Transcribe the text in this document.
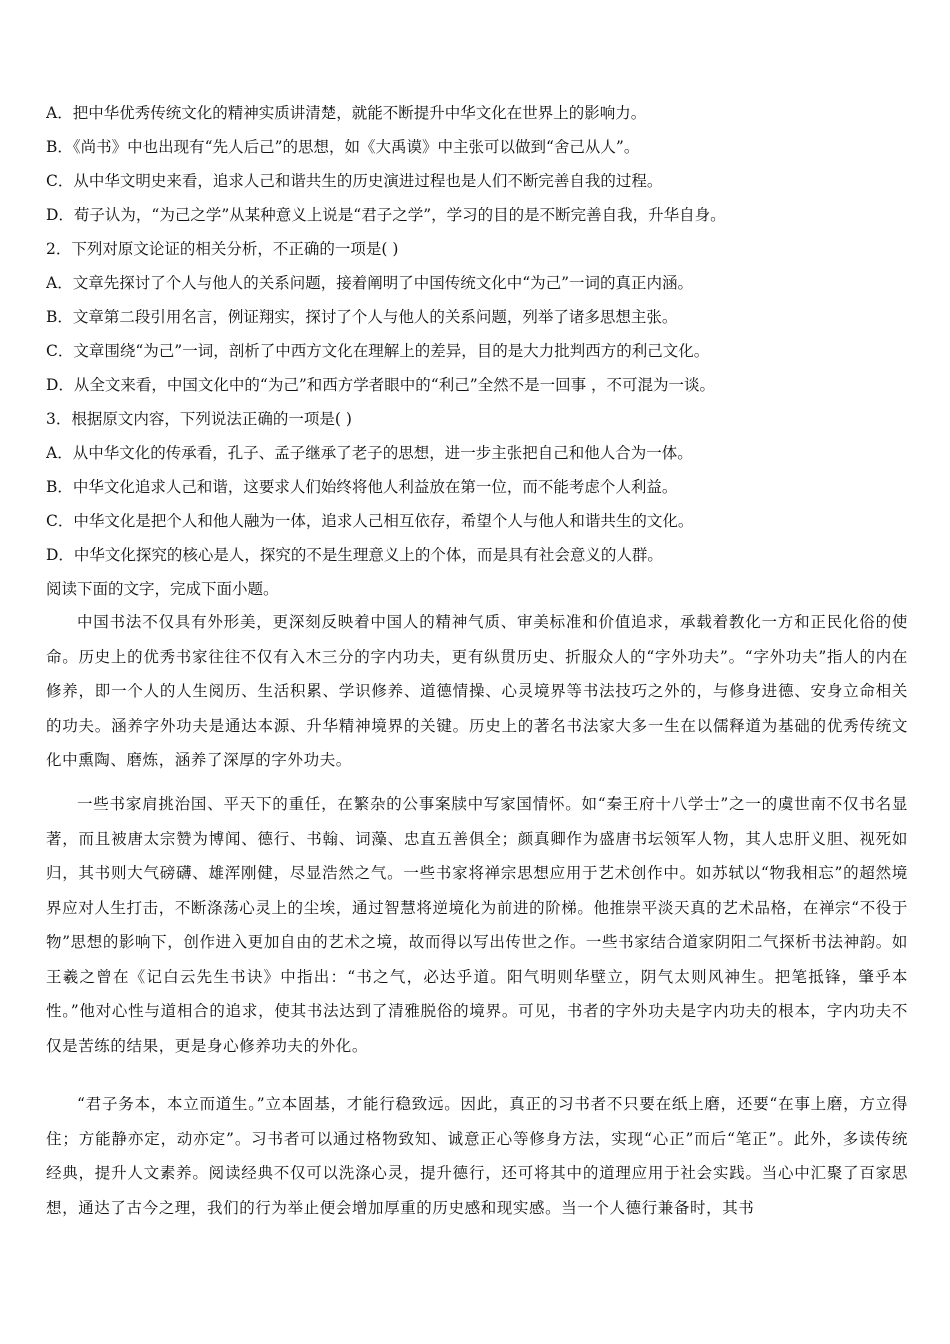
A．把中华优秀传统文化的精神实质讲清楚，就能不断提升中华文化在世界上的影响力。
B．《尚书》中也出现有“先人后己”的思想，如《大禹谟》中主张可以做到“舍己从人”。
C．从中华文明史来看，追求人己和谐共生的历史演进过程也是人们不断完善自我的过程。
D．荀子认为，“为己之学”从某种意义上说是“君子之学”，学习的目的是不断完善自我，升华自身。
2．下列对原文论证的相关分析，不正确的一项是( )
A．文章先探讨了个人与他人的关系问题，接着阐明了中国传统文化中“为己”一词的真正内涵。
B．文章第二段引用名言，例证翔实，探讨了个人与他人的关系问题，列举了诸多思想主张。
C．文章围绕“为己”一词，剖析了中西方文化在理解上的差异，目的是大力批判西方的利己文化。
D．从全文来看，中国文化中的“为己”和西方学者眼中的“利己”全然不是一回事 ，不可混为一谈。
3．根据原文内容，下列说法正确的一项是( )
A．从中华文化的传承看，孔子、孟子继承了老子的思想，进一步主张把自己和他人合为一体。
B．中华文化追求人己和谐，这要求人们始终将他人利益放在第一位，而不能考虑个人利益。
C．中华文化是把个人和他人融为一体，追求人己相互依存，希望个人与他人和谐共生的文化。
D．中华文化探究的核心是人，探究的不是生理意义上的个体，而是具有社会意义的人群。
阅读下面的文字，完成下面小题。
中国书法不仅具有外形美，更深刻反映着中国人的精神气质、审美标准和价值追求，承载着教化一方和正民化俗的使命。历史上的优秀书家往往不仅有入木三分的字内功夫，更有纵贯历史、折服众人的“字外功夫”。“字外功夫”指人的内在修养，即一个人的人生阅历、生活积累、学识修养、道德情操、心灵境界等书法技巧之外的，与修身进德、安身立命相关的功夫。涵养字外功夫是通达本源、升华精神境界的关键。历史上的著名书法家大多一生在以儒释道为基础的优秀传统文化中熏陶、磨炼，涵养了深厚的字外功夫。
一些书家肩挑治国、平天下的重任，在繁杂的公事案牍中写家国情怀。如“秦王府十八学士”之一的虞世南不仅书名显著，而且被唐太宗赞为博闻、德行、书翰、词藻、忠直五善俱全；颜真卿作为盛唐书坛领军人物，其人忠肝义胆、视死如归，其书则大气磅礴、雄浑刚健，尽显浩然之气。一些书家将禅宗思想应用于艺术创作中。如苏轼以“物我相忘”的超然境界应对人生打击，不断涤荡心灵上的尘埃，通过智慧将逆境化为前进的阶梯。他推崇平淡天真的艺术品格，在禅宗“不役于物”思想的影响下，创作进入更加自由的艺术之境，故而得以写出传世之作。一些书家结合道家阴阳二气探析书法神韵。如王羲之曾在《记白云先生书诀》中指出：“书之气，必达乎道。阳气明则华壁立，阴气太则风神生。把笔抵锋，肇乎本性。”他对心性与道相合的追求，使其书法达到了清雅脱俗的境界。可见，书者的字外功夫是字内功夫的根本，字内功夫不仅是苦练的结果，更是身心修养功夫的外化。
“君子务本，本立而道生。”立本固基，才能行稳致远。因此，真正的习书者不只要在纸上磨，还要“在事上磨，方立得住；方能静亦定，动亦定”。习书者可以通过格物致知、诚意正心等修身方法，实现“心正”而后“笔正”。此外，多读传统经典，提升人文素养。阅读经典不仅可以洗涤心灵，提升德行，还可将其中的道理应用于社会实践。当心中汇聚了百家思想，通达了古今之理，我们的行为举止便会增加厚重的历史感和现实感。当一个人德行兼备时，其书
